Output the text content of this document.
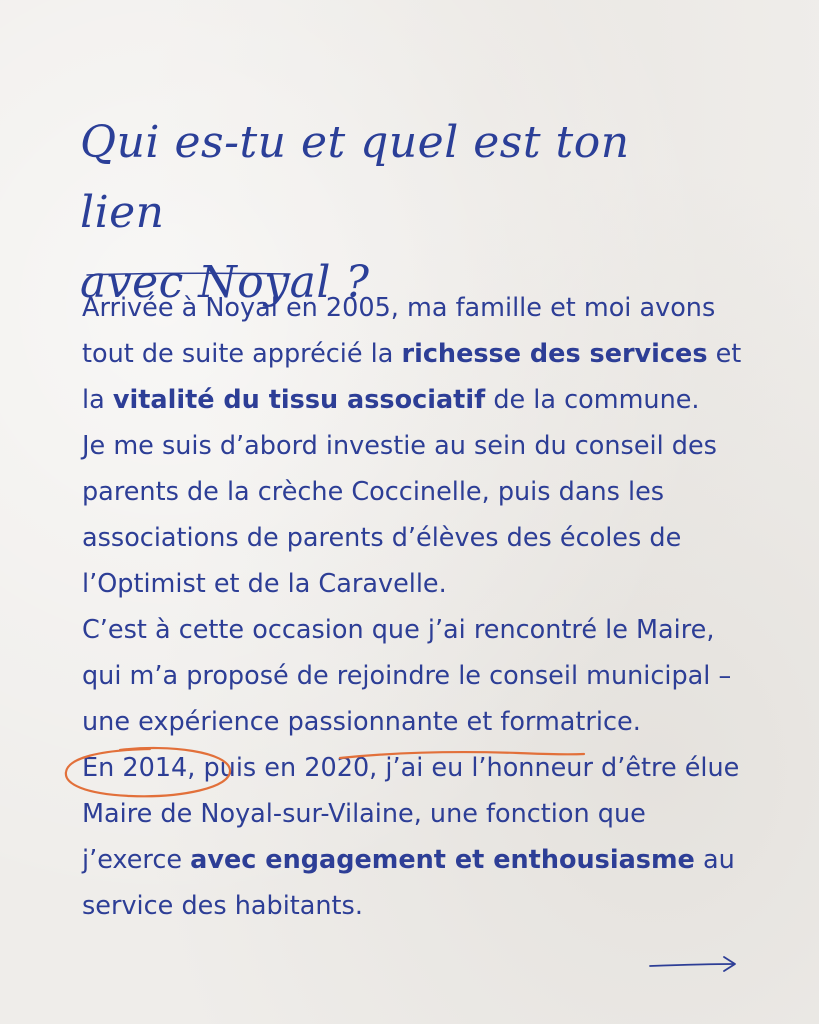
Qui es-tu et quel est ton lien
avec Noyal ?
Arrivée à Noyal en 2005, ma famille et moi avons tout de suite apprécié la richesse des services et la vitalité du tissu associatif de la commune.
Je me suis d’abord investie au sein du conseil des parents de la crèche Coccinelle, puis dans les associations de parents d’élèves des écoles de l’Optimist et de la Caravelle.
C’est à cette occasion que j’ai rencontré le Maire, qui m’a proposé de rejoindre le conseil municipal – une expérience passionnante et formatrice.
En 2014, puis en 2020, j’ai eu l’honneur d’être élue Maire de Noyal-sur-Vilaine, une fonction que j’exerce avec engagement et enthousiasme au service des habitants.
